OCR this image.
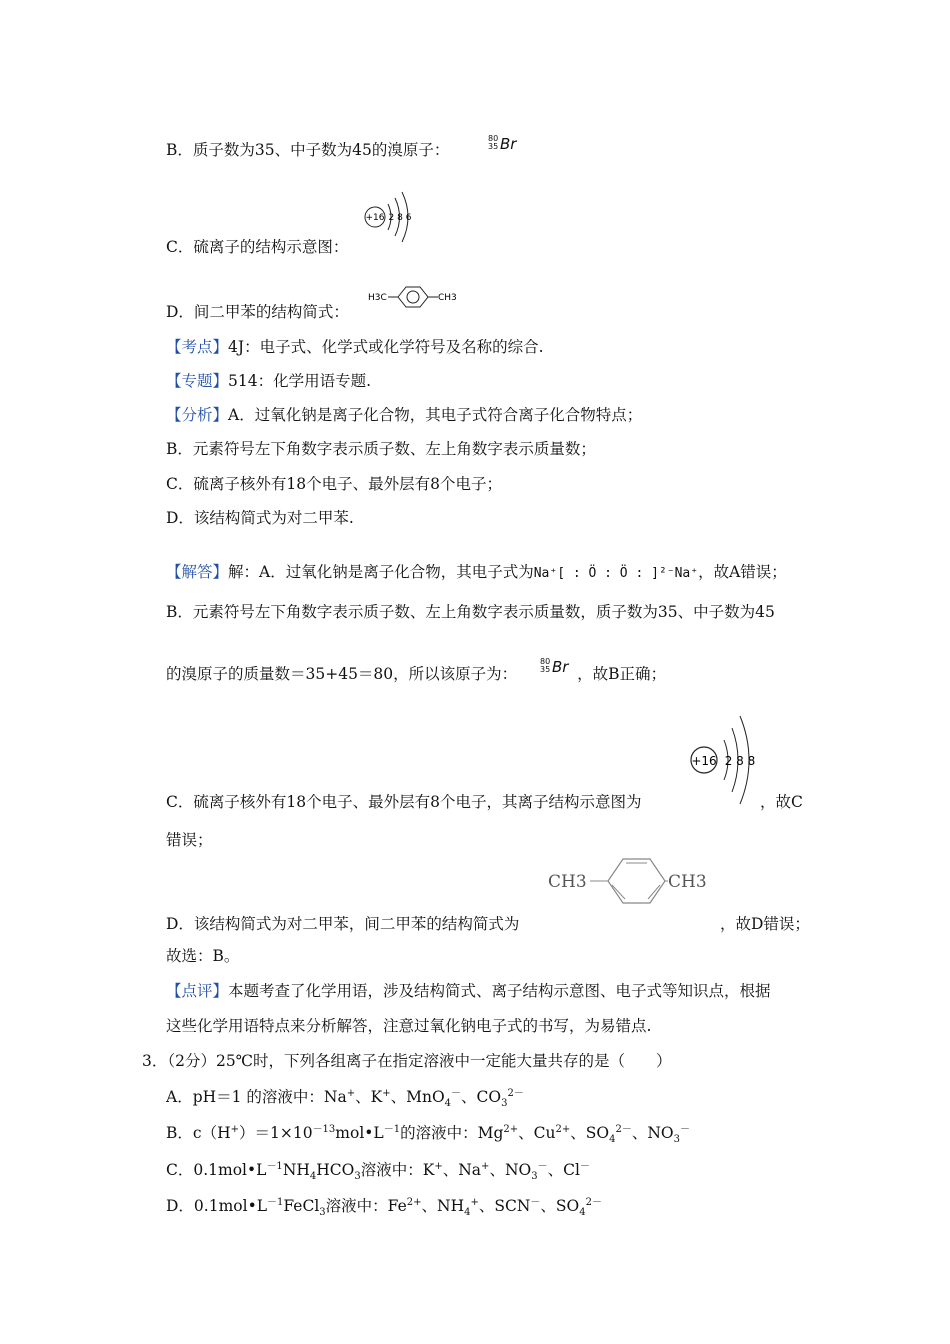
B．质子数为35、中子数为45的溴原子：
80
35 Br
C．硫离子的结构示意图：
+16 2 8 6
D．间二甲苯的结构简式：
H3C	CH3
【考点】4J：电子式、化学式或化学符号及名称的综合.
【专题】514：化学用语专题.
【分析】A．过氧化钠是离子化合物，其电子式符合离子化合物特点；
B．元素符号左下角数字表示质子数、左上角数字表示质量数；
C．硫离子核外有18个电子、最外层有8个电子；
D．该结构简式为对二甲苯.
【解答】解：A．过氧化钠是离子化合物，其电子式为Na⁺[ : Ö : Ö : ]²⁻Na⁺，故A错误；
B．元素符号左下角数字表示质子数、左上角数字表示质量数，质子数为35、中子数为45
的溴原子的质量数＝35+45＝80，所以该原子为：	，故B正确；
80
35 Br
+16 2 8 8
C．硫离子核外有18个电子、最外层有8个电子，其离子结构示意图为	，故C
错误；
CH3	CH3
D．该结构简式为对二甲苯，间二甲苯的结构简式为	，故D错误；
故选：B。
【点评】本题考查了化学用语，涉及结构简式、离子结构示意图、电子式等知识点，根据
这些化学用语特点来分析解答，注意过氧化钠电子式的书写，为易错点.
3．（2分）25℃时，下列各组离子在指定溶液中一定能大量共存的是（　　）
A．pH＝1 的溶液中：Na+、K+、MnO$_4$－、$CO_3^{2-}$
B．$c(H^+)=1\times 10^{-13}mol•L^{-1}$的溶液中：$Mg^{2+}$、$Cu^{2+}$、$SO_4^{2-}$、$NO_3^-$
C．$0.1mol•L^{-1}NH_4HCO_3$溶液中：K+、Na+、$NO_3^-$、Cl－
D．$0.1mol•L^{-1}FeCl_3$溶液中：$Fe^{2+}$、$NH_4^+$、SCN－、$SO_4^{2-}$
